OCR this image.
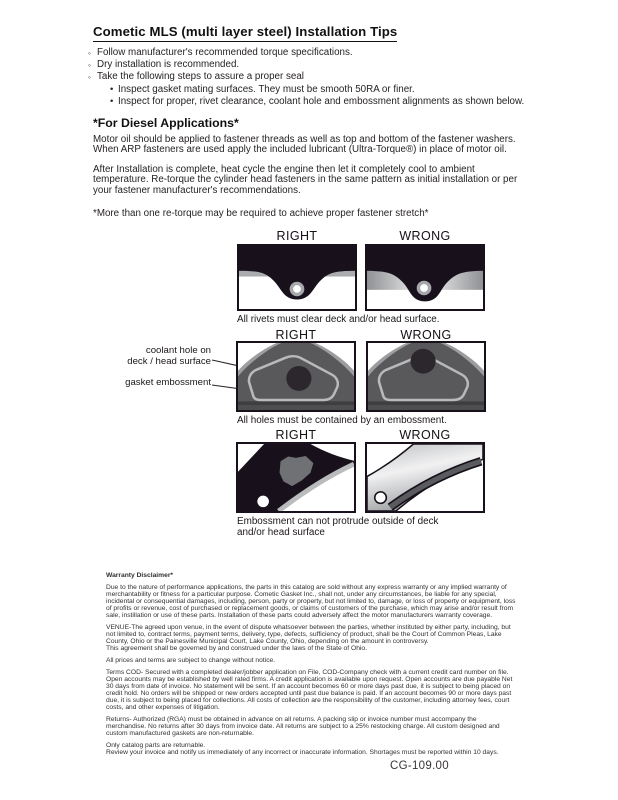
Cometic MLS (multi layer steel) Installation Tips
◦ Follow manufacturer's recommended torque specifications.
◦ Dry installation is recommended.
◦ Take the following steps to assure a proper seal
• Inspect gasket mating surfaces. They must be smooth 50RA or finer.
• Inspect for proper, rivet clearance, coolant hole and embossment alignments as shown below.
*For Diesel Applications*

Motor oil should be applied to fastener threads as well as top and bottom of the fastener washers. When ARP fasteners are used apply the included lubricant (Ultra-Torque®) in place of motor oil.

After Installation is complete, heat cycle the engine then let it completely cool to ambient temperature. Re-torque the cylinder head fasteners in the same pattern as initial installation or per your fastener manufacturer's recommendations.

*More than one re-torque may be required to achieve proper fastener stretch*

RIGHT	WRONG
All rivets must clear deck and/or head surface.
RIGHT	WRONG
coolant hole on
deck / head surface
gasket embossment
All holes must be contained by an embossment.
RIGHT	WRONG
Embossment can not protrude outside of deck
and/or head surface

Warranty Disclaimer*

Due to the nature of performance applications, the parts in this catalog are sold without any express warranty or any implied warranty of merchantability or fitness for a particular purpose. Cometic Gasket Inc., shall not, under any circumstances, be liable for any special, incidental or consequential damages, including, person, party or property, but not limited to, damage, or loss of property or equipment, loss of profits or revenue, cost of purchased or replacement goods, or claims of customers of the purchase, which may arise and/or result from sale, instillation or use of these parts. Installation of these parts could adversely affect the motor manufacturers warranty coverage.

VENUE-The agreed upon venue, in the event of dispute whatsoever between the parties, whether instituted by either party, including, but not limited to, contract terms, payment terms, delivery, type, defects, sufficiency of product, shall be the Court of Common Pleas, Lake County, Ohio or the Painesville Municipal Court, Lake County, Ohio, depending on the amount in controversy.

This agreement shall be governed by and construed under the laws of the State of Ohio.

All prices and terms are subject to change without notice.

Terms COD- Secured with a completed dealer/jobber application on File, COD-Company check with a current credit card number on file. Open accounts may be established by well rated firms. A credit application is available upon request. Open accounts are due payable Net 30 days from date of invoice. No statement will be sent. If an account becomes 60 or more days past due, it is subject to being placed on credit hold. No orders will be shipped or new orders accepted until past due balance is paid. If an account becomes 90 or more days past due, it is subject to being placed for collections. All costs of collection are the responsibility of the customer, including attorney fees, court costs, and other expenses of litigation.

Returns- Authorized (RGA) must be obtained in advance on all returns. A packing slip or invoice number must accompany the merchandise. No returns after 30 days from invoice date. All returns are subject to a 25% restocking charge. All custom designed and custom manufactured gaskets are non-returnable.

Only catalog parts are returnable.

Review your invoice and notify us immediately of any incorrect or inaccurate information. Shortages must be reported within 10 days.

CG-109.00
